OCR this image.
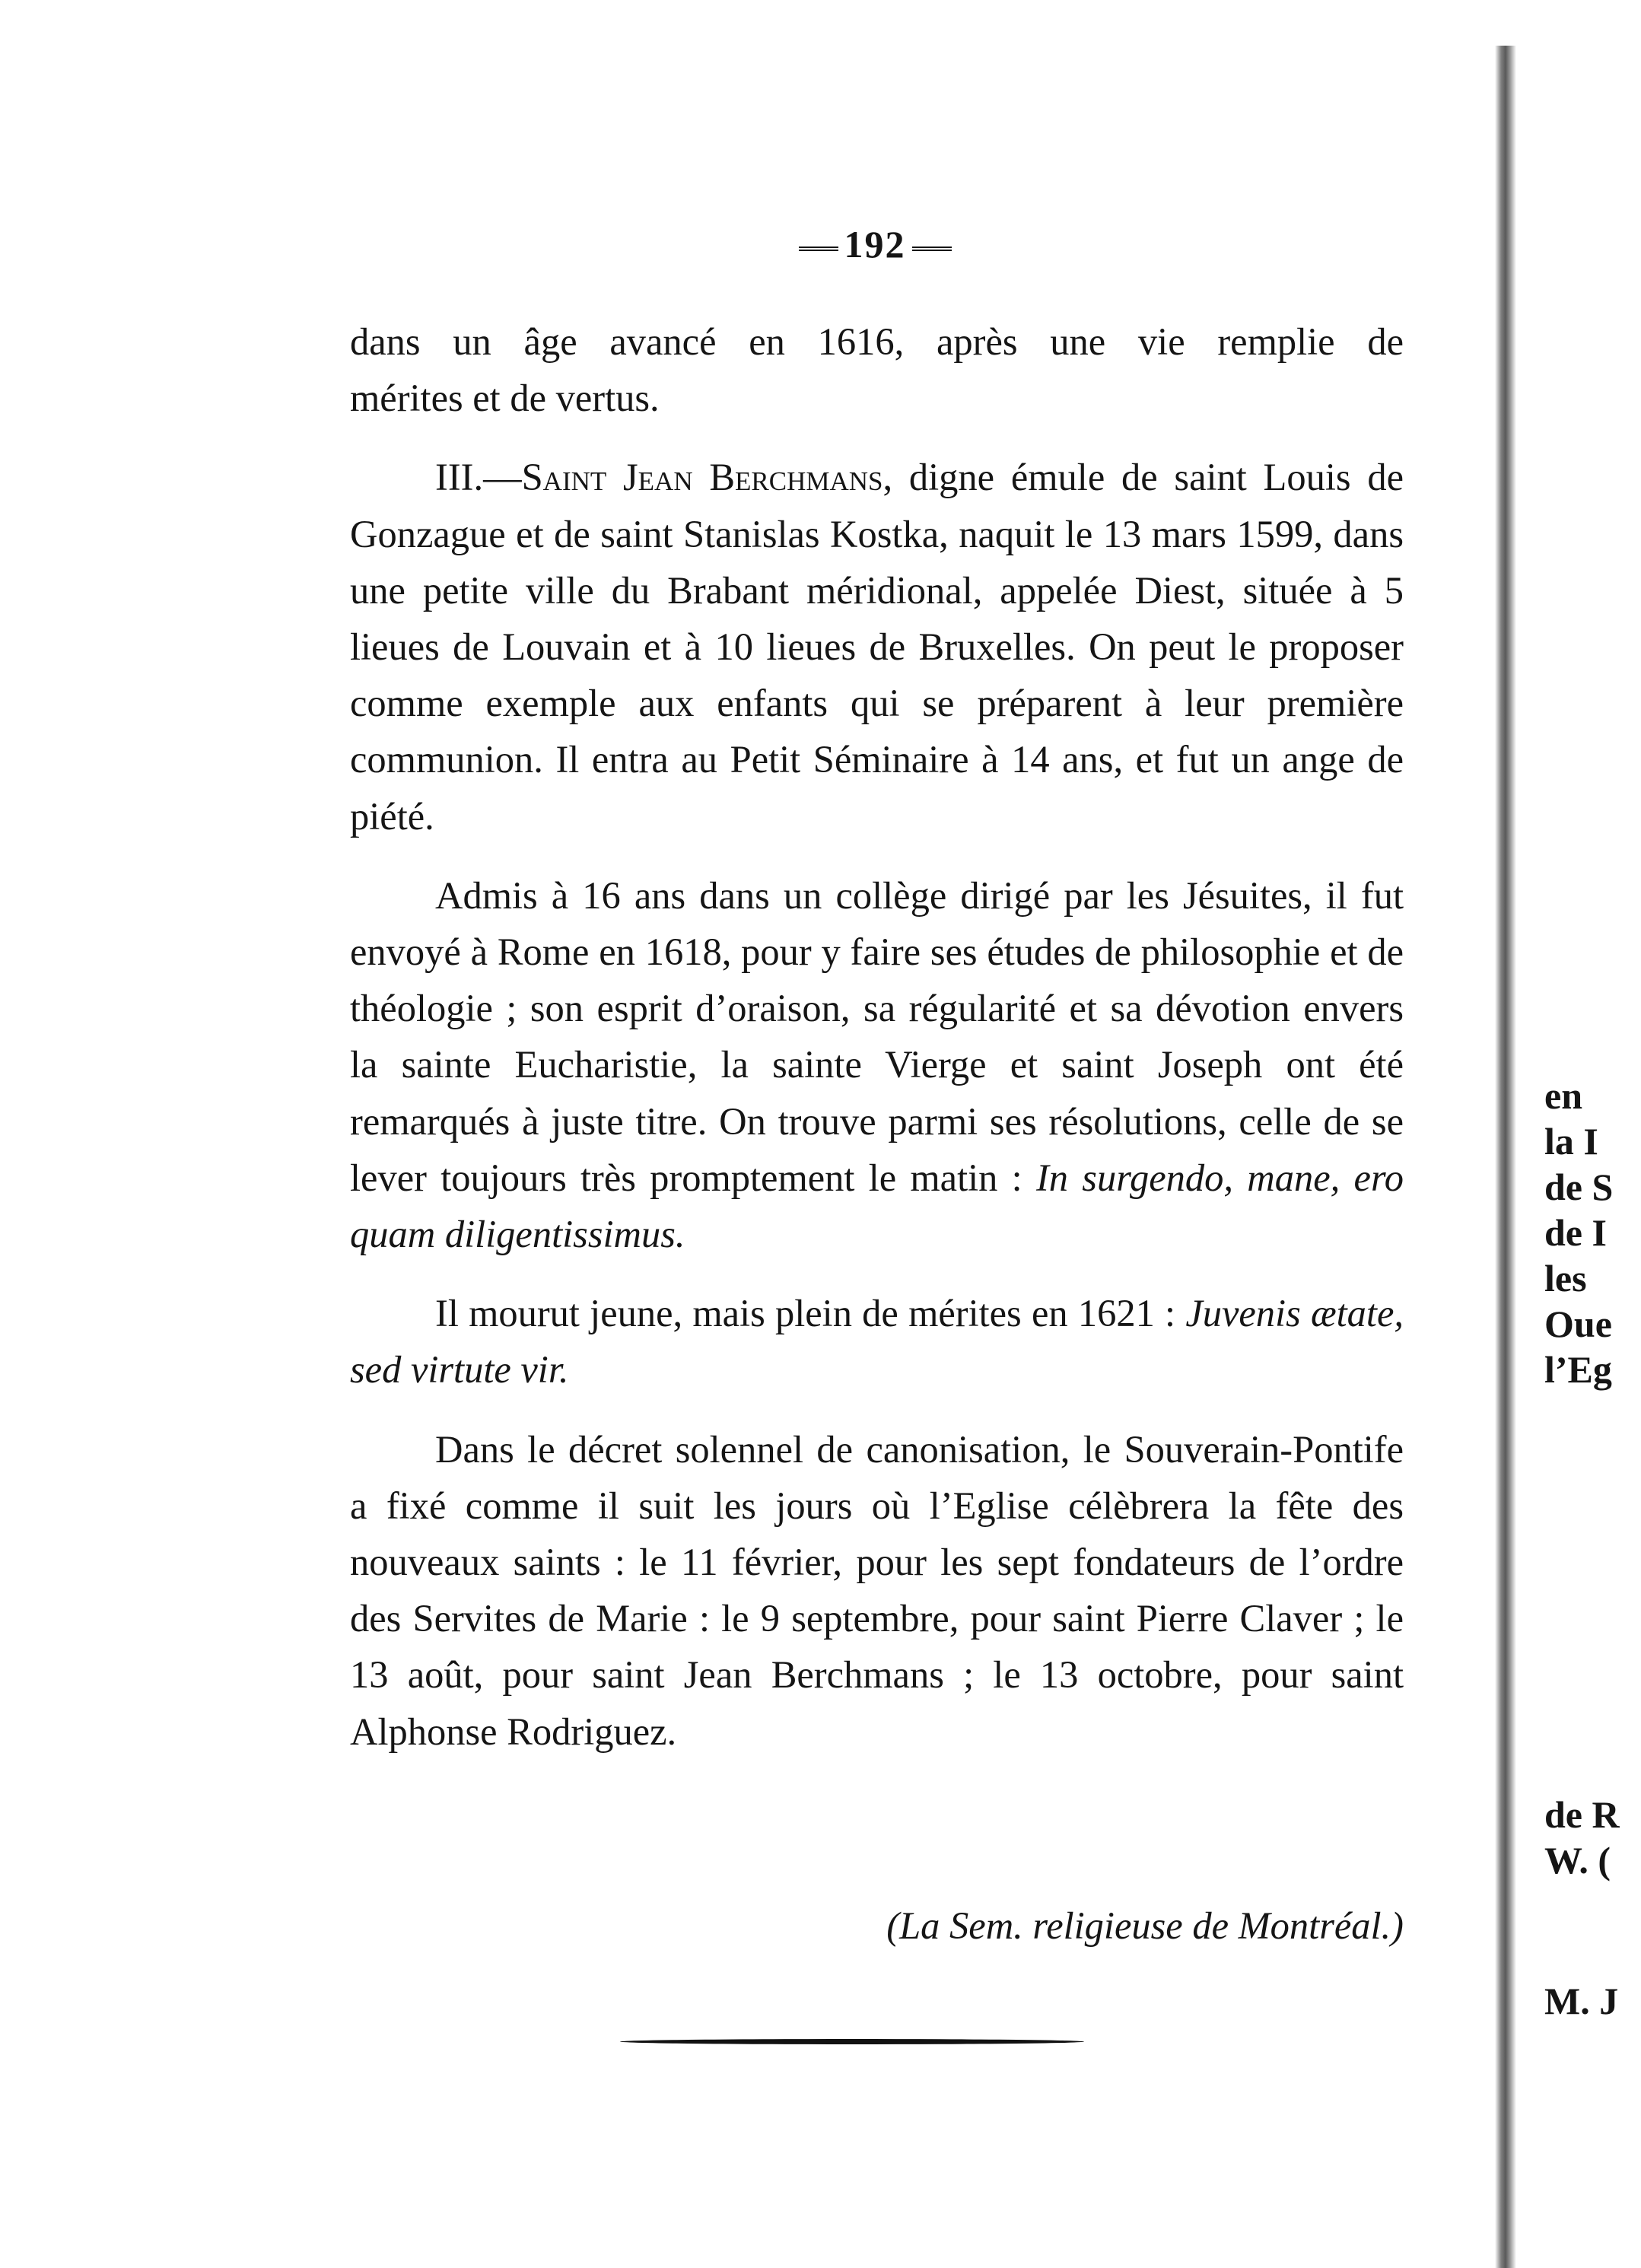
192

dans un âge avancé en 1616, après une vie remplie de
mérites et de vertus.

III.—Saint Jean Berchmans, digne émule de saint Louis de Gonzague et de saint Stanislas Kostka, naquit le 13 mars 1599, dans une petite ville du Brabant méridional, appelée Diest, située à 5 lieues de Louvain et à 10 lieues de Bruxelles. On peut le proposer comme exemple aux enfants qui se préparent à leur première communion. Il entra au Petit Séminaire à 14 ans, et fut un ange de piété.

Admis à 16 ans dans un collège dirigé par les Jésuites, il fut envoyé à Rome en 1618, pour y faire ses études de philosophie et de théologie ; son esprit d’oraison, sa régularité et sa dévotion envers la sainte Eucharistie, la sainte Vierge et saint Joseph ont été remarqués à juste titre. On trouve parmi ses résolutions, celle de se lever toujours très promptement le matin : In surgendo, mane, ero quam diligentissimus.

Il mourut jeune, mais plein de mérites en 1621 : Juvenis ætate, sed virtute vir.

Dans le décret solennel de canonisation, le Souverain-Pontife a fixé comme il suit les jours où l’Eglise célèbrera la fête des nouveaux saints : le 11 février, pour les sept fondateurs de l’ordre des Servites de Marie : le 9 septembre, pour saint Pierre Claver ; le 13 août, pour saint Jean Berchmans ; le 13 octobre, pour saint Alphonse Rodriguez.

(La Sem. religieuse de Montréal.)
en
la I
de S
de I
les
Oue
l’Eg
de R
W. (
M. J
